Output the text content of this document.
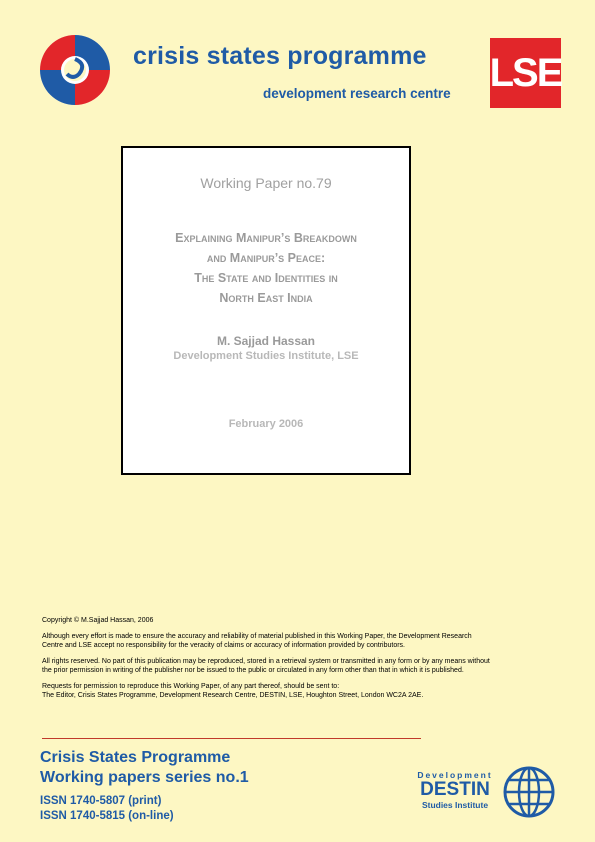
crisis states programme
development research centre LSE
Working Paper no.79
Explaining Manipur’s Breakdown
and Manipur’s Peace:
The State and Identities in
North East India
M. Sajjad Hassan
Development Studies Institute, LSE
February 2006

Copyright © M.Sajjad Hassan, 2006

Although every effort is made to ensure the accuracy and reliability of material published in this Working Paper, the Development Research Centre and LSE accept no responsibility for the veracity of claims or accuracy of information provided by contributors.

All rights reserved. No part of this publication may be reproduced, stored in a retrieval system or transmitted in any form or by any means without the prior permission in writing of the publisher nor be issued to the public or circulated in any form other than that in which it is published.

Requests for permission to reproduce this Working Paper, of any part thereof, should be sent to:
The Editor, Crisis States Programme, Development Research Centre, DESTIN, LSE, Houghton Street, London WC2A 2AE.

Crisis States Programme
Working papers series no.1
ISSN 1740-5807 (print)
ISSN 1740-5815 (on-line)
Development
DESTIN
Studies Institute
